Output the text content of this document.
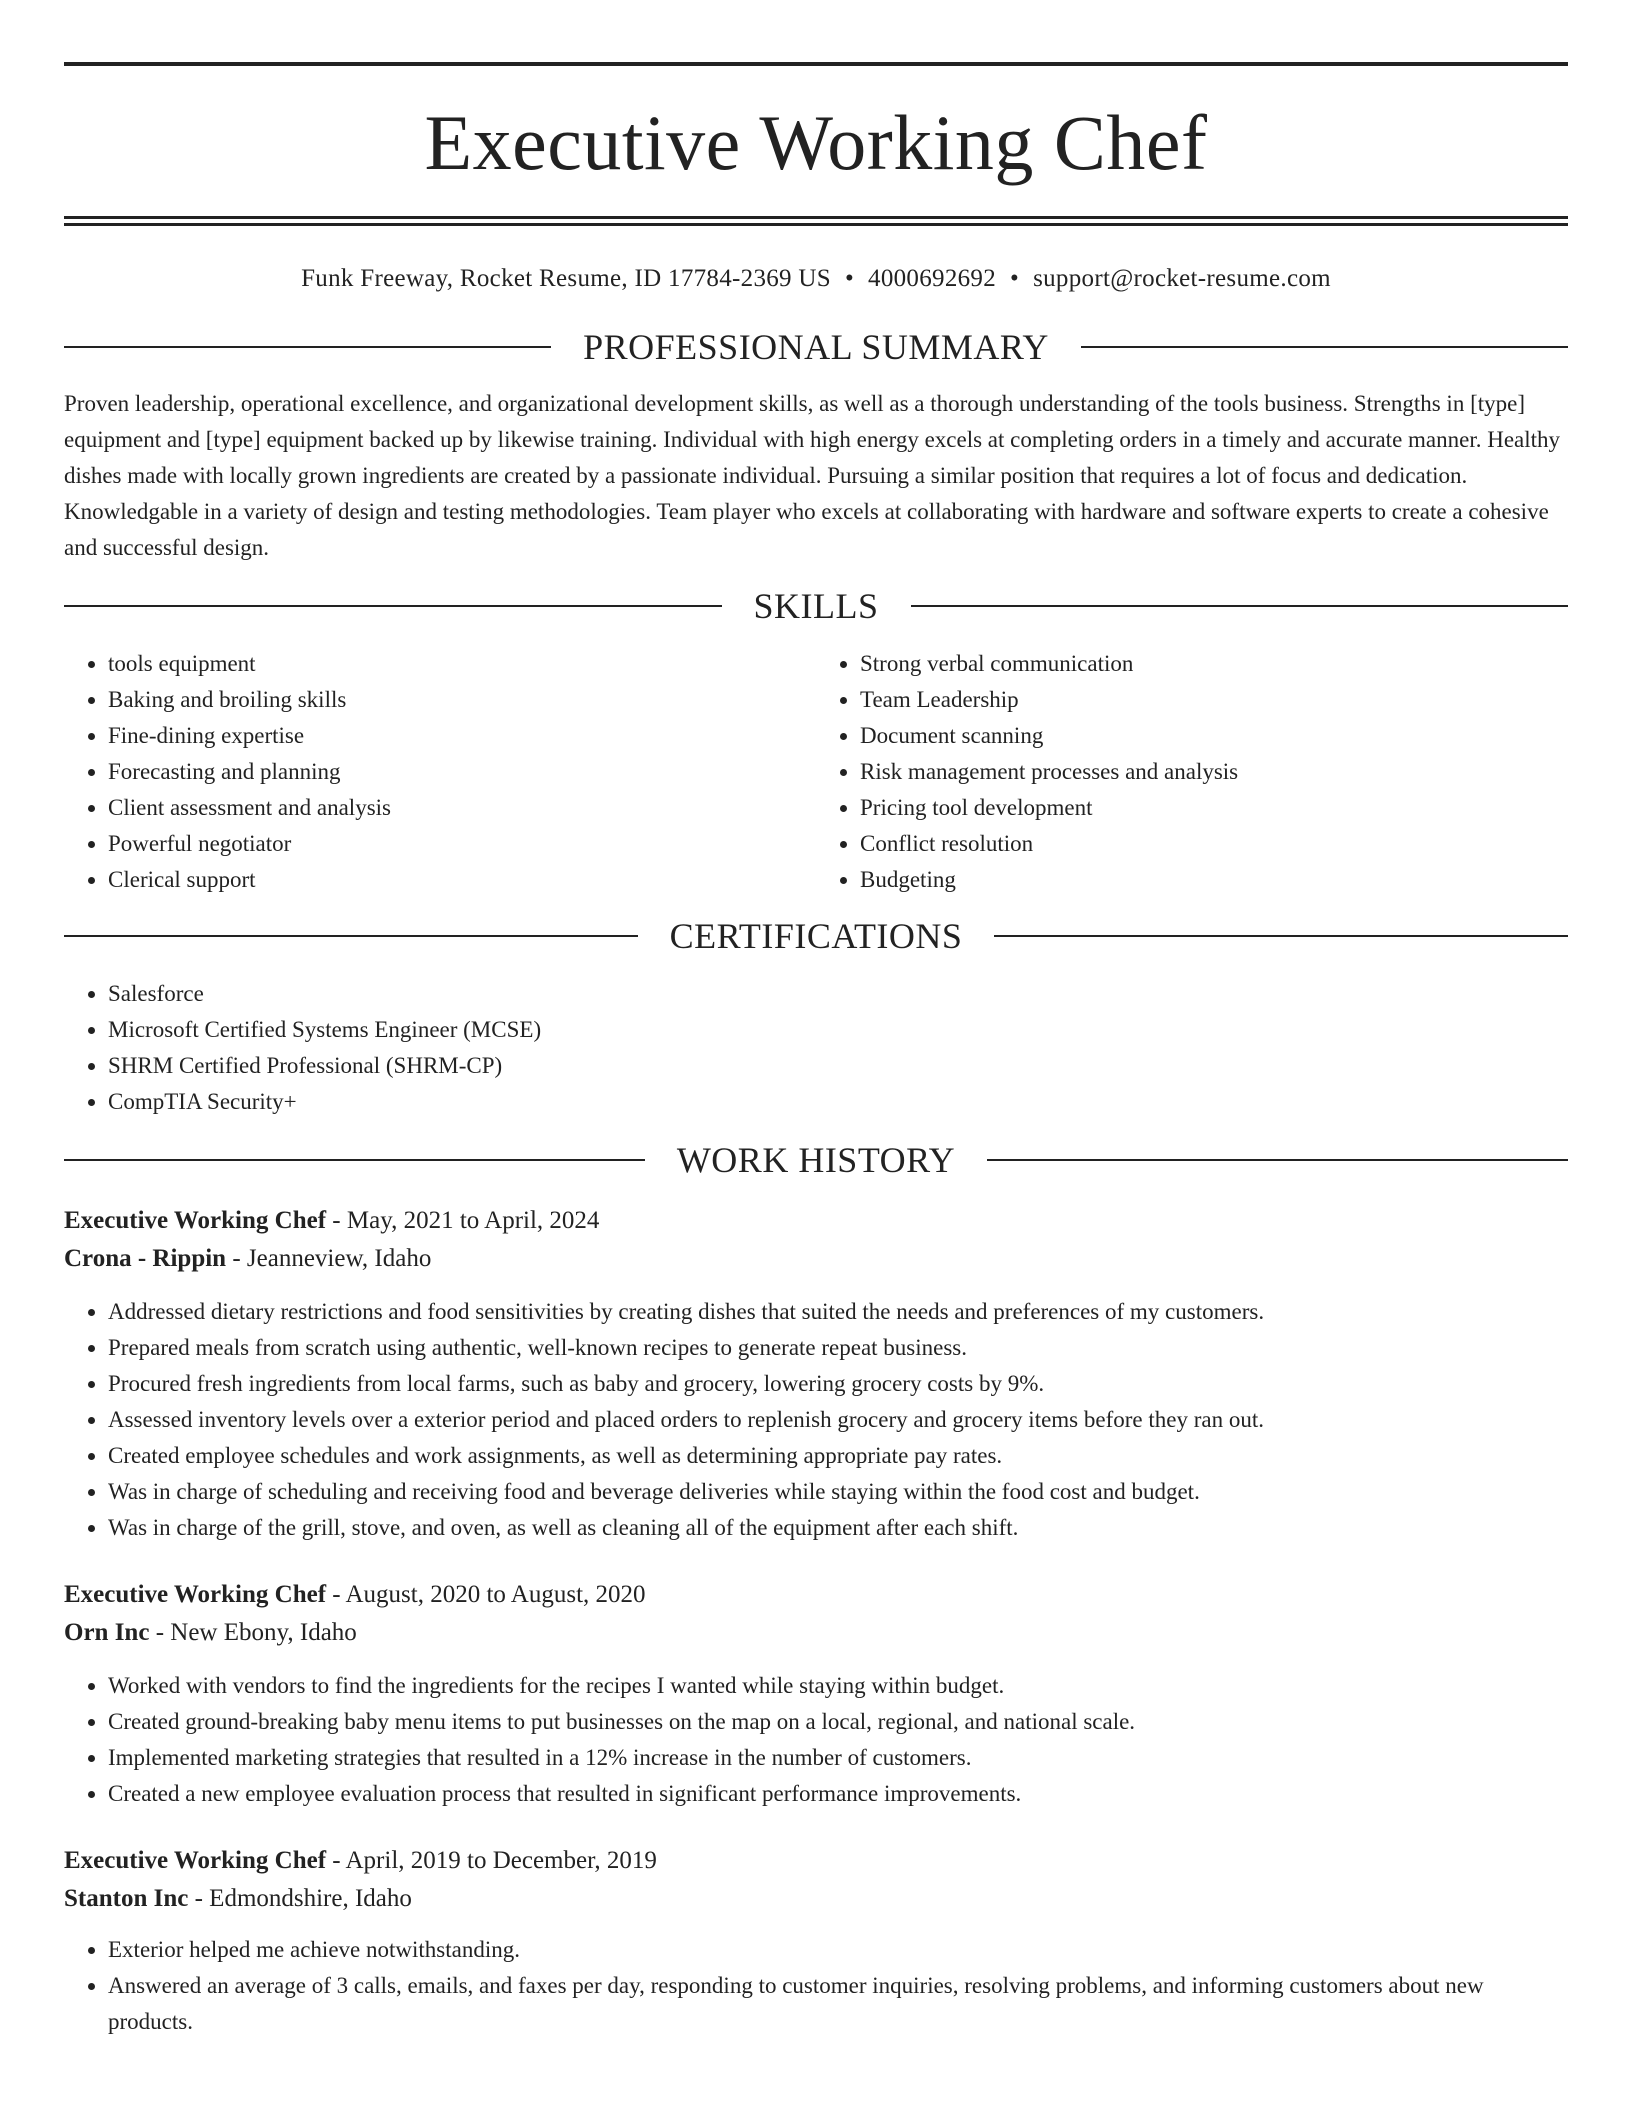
Executive Working Chef
Funk Freeway, Rocket Resume, ID 17784-2369 US • 4000692692 • support@rocket-resume.com
PROFESSIONAL SUMMARY

Proven leadership, operational excellence, and organizational development skills, as well as a thorough understanding of the tools business. Strengths in [type] equipment and [type] equipment backed up by likewise training. Individual with high energy excels at completing orders in a timely and accurate manner. Healthy dishes made with locally grown ingredients are created by a passionate individual. Pursuing a similar position that requires a lot of focus and dedication. Knowledgable in a variety of design and testing methodologies. Team player who excels at collaborating with hardware and software experts to create a cohesive and successful design.

SKILLS
• tools equipment
• Baking and broiling skills
• Fine-dining expertise
• Forecasting and planning
• Client assessment and analysis
• Powerful negotiator
• Clerical support
• Strong verbal communication
• Team Leadership
• Document scanning
• Risk management processes and analysis
• Pricing tool development
• Conflict resolution
• Budgeting
CERTIFICATIONS
• Salesforce
• Microsoft Certified Systems Engineer (MCSE)
• SHRM Certified Professional (SHRM-CP)
• CompTIA Security+
WORK HISTORY
Executive Working Chef - May, 2021 to April, 2024
Crona - Rippin - Jeanneview, Idaho
• Addressed dietary restrictions and food sensitivities by creating dishes that suited the needs and preferences of my customers.
• Prepared meals from scratch using authentic, well-known recipes to generate repeat business.
• Procured fresh ingredients from local farms, such as baby and grocery, lowering grocery costs by 9%.
• Assessed inventory levels over a exterior period and placed orders to replenish grocery and grocery items before they ran out.
• Created employee schedules and work assignments, as well as determining appropriate pay rates.
• Was in charge of scheduling and receiving food and beverage deliveries while staying within the food cost and budget.
• Was in charge of the grill, stove, and oven, as well as cleaning all of the equipment after each shift.
Executive Working Chef - August, 2020 to August, 2020
Orn Inc - New Ebony, Idaho
• Worked with vendors to find the ingredients for the recipes I wanted while staying within budget.
• Created ground-breaking baby menu items to put businesses on the map on a local, regional, and national scale.
• Implemented marketing strategies that resulted in a 12% increase in the number of customers.
• Created a new employee evaluation process that resulted in significant performance improvements.
Executive Working Chef - April, 2019 to December, 2019
Stanton Inc - Edmondshire, Idaho
• Exterior helped me achieve notwithstanding.
• Answered an average of 3 calls, emails, and faxes per day, responding to customer inquiries, resolving problems, and informing customers about new products.
